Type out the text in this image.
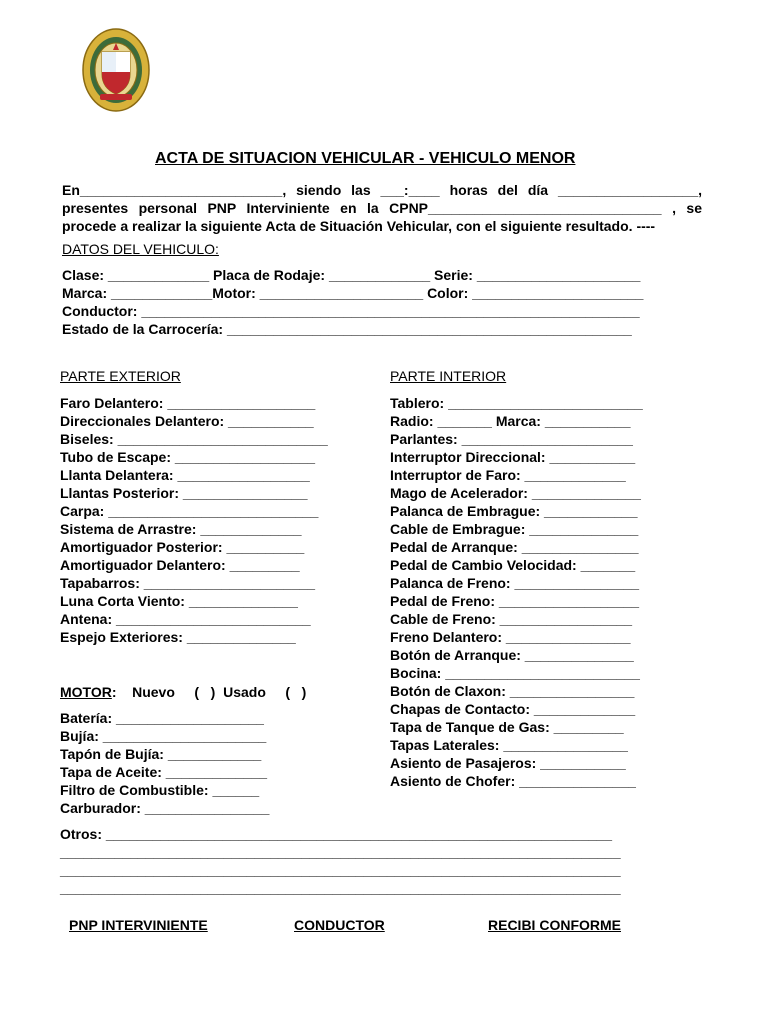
ACTA DE SITUACION VEHICULAR - VEHICULO MENOR
En__________________________, siendo las ___:____ horas del día __________________,
presentes personal PNP Interviniente en la CPNP______________________________ , se
procede a realizar la siguiente Acta de Situación Vehicular, con el siguiente resultado. ----
DATOS DEL VEHICULO:
Clase: _____________ Placa de Rodaje: _____________ Serie: _____________________
Marca: _____________Motor: _____________________ Color: ______________________
Conductor: ________________________________________________________________
Estado de la Carrocería: ____________________________________________________
PARTE EXTERIOR	PARTE INTERIOR
Faro Delantero: ___________________
Direccionales Delantero: ___________
Biseles: ___________________________
Tubo de Escape: __________________
Llanta Delantera: _________________
Llantas Posterior: ________________
Carpa: ___________________________
Sistema de Arrastre: _____________
Amortiguador Posterior: __________
Amortiguador Delantero: _________
Tapabarros: ______________________
Luna Corta Viento: ______________
Antena: _________________________
Espejo Exteriores: ______________
Tablero: _________________________
Radio: _______ Marca: ___________
Parlantes: ______________________
Interruptor Direccional: ___________
Interruptor de Faro: _____________
Mago de Acelerador: ______________
Palanca de Embrague: ____________
Cable de Embrague: ______________
Pedal de Arranque: _______________
Pedal de Cambio Velocidad: _______
Palanca de Freno: ________________
Pedal de Freno: __________________
Cable de Freno: _________________
Freno Delantero: ________________
Botón de Arranque: ______________
Bocina: _________________________
Botón de Claxon: ________________
Chapas de Contacto: _____________
Tapa de Tanque de Gas: _________
Tapas Laterales: ________________
Asiento de Pasajeros: ___________
Asiento de Chofer: _______________
MOTOR:    Nuevo     (   )  Usado     (   )
Batería: ___________________
Bujía: _____________________
Tapón de Bujía: ____________
Tapa de Aceite: _____________
Filtro de Combustible: ______
Carburador: ________________
Otros: _________________________________________________________________
________________________________________________________________________
________________________________________________________________________
________________________________________________________________________
PNP INTERVINIENTE	CONDUCTOR	RECIBI CONFORME
